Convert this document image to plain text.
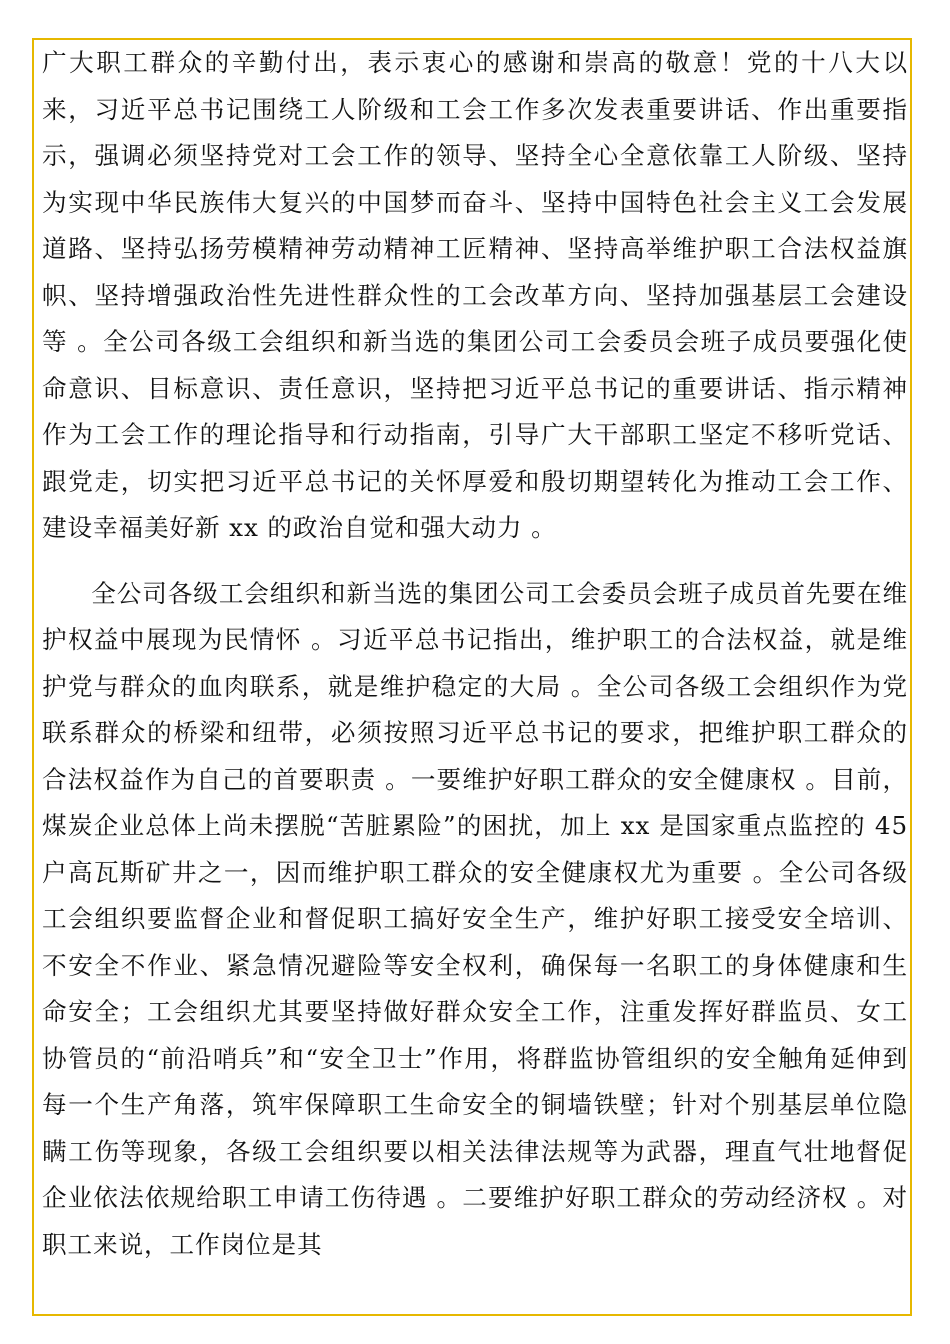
广大职工群众的辛勤付出，表示衷心的感谢和崇高的敬意！党的十八大以来，习近平总书记围绕工人阶级和工会工作多次发表重要讲话、作出重要指示，强调必须坚持党对工会工作的领导、坚持全心全意依靠工人阶级、坚持为实现中华民族伟大复兴的中国梦而奋斗、坚持中国特色社会主义工会发展道路、坚持弘扬劳模精神劳动精神工匠精神、坚持高举维护职工合法权益旗帜、坚持增强政治性先进性群众性的工会改革方向、坚持加强基层工会建设等 。全公司各级工会组织和新当选的集团公司工会委员会班子成员要强化使命意识、目标意识、责任意识，坚持把习近平总书记的重要讲话、指示精神作为工会工作的理论指导和行动指南，引导广大干部职工坚定不移听党话、跟党走，切实把习近平总书记的关怀厚爱和殷切期望转化为推动工会工作、建设幸福美好新 xx 的政治自觉和强大动力 。

全公司各级工会组织和新当选的集团公司工会委员会班子成员首先要在维护权益中展现为民情怀 。习近平总书记指出，维护职工的合法权益，就是维护党与群众的血肉联系，就是维护稳定的大局 。全公司各级工会组织作为党联系群众的桥梁和纽带，必须按照习近平总书记的要求，把维护职工群众的合法权益作为自己的首要职责 。一要维护好职工群众的安全健康权 。目前，煤炭企业总体上尚未摆脱“苦脏累险”的困扰，加上 xx 是国家重点监控的 45 户高瓦斯矿井之一，因而维护职工群众的安全健康权尤为重要 。全公司各级工会组织要监督企业和督促职工搞好安全生产，维护好职工接受安全培训、不安全不作业、紧急情况避险等安全权利，确保每一名职工的身体健康和生命安全；工会组织尤其要坚持做好群众安全工作，注重发挥好群监员、女工协管员的“前沿哨兵”和“安全卫士”作用，将群监协管组织的安全触角延伸到每一个生产角落，筑牢保障职工生命安全的铜墙铁壁；针对个别基层单位隐瞒工伤等现象，各级工会组织要以相关法律法规等为武器，理直气壮地督促企业依法依规给职工申请工伤待遇 。二要维护好职工群众的劳动经济权 。对职工来说，工作岗位是其
